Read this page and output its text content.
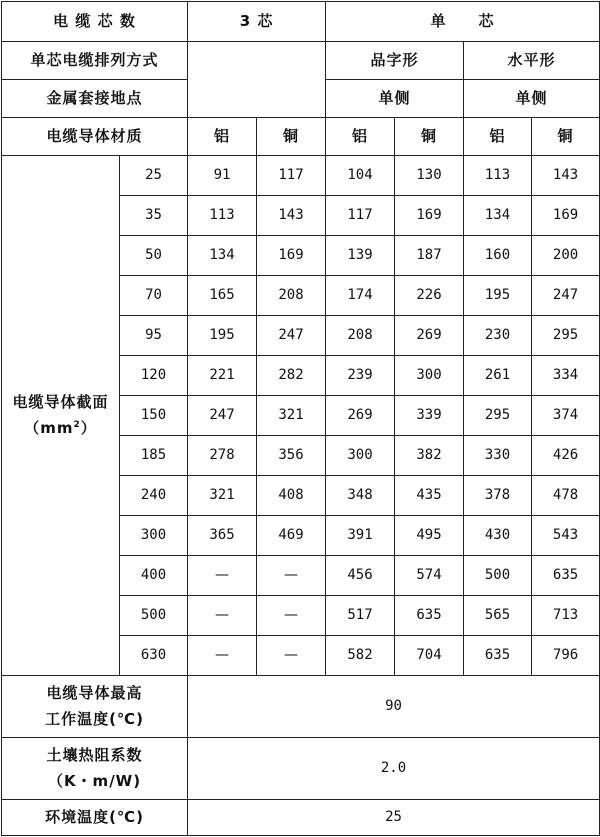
电 缆 芯 数		3 芯		单　　芯			
单芯电缆排列方式				品字形		水平形	
金属套接地点				单侧		单侧	
电缆导体材质		铝	铜	铝	铜	铝	铜
电缆导体截面
$(mm^2)$	25	91	117	104	130	113	143
	35	113	143	117	169	134	169
	50	134	169	139	187	160	200
	70	165	208	174	226	195	247
	95	195	247	208	269	230	295
	120	221	282	239	300	261	334
	150	247	321	269	339	295	374
	185	278	356	300	382	330	426
	240	321	408	348	435	378	478
	300	365	469	391	495	430	543
	400	—	—	456	574	500	635
	500	—	—	517	635	565	713
	630	—	—	582	704	635	796
电缆导体最高
工作温度(℃)		90					
土壤热阻系数
（K・m/W)		2.0					
环境温度(℃)		25					
